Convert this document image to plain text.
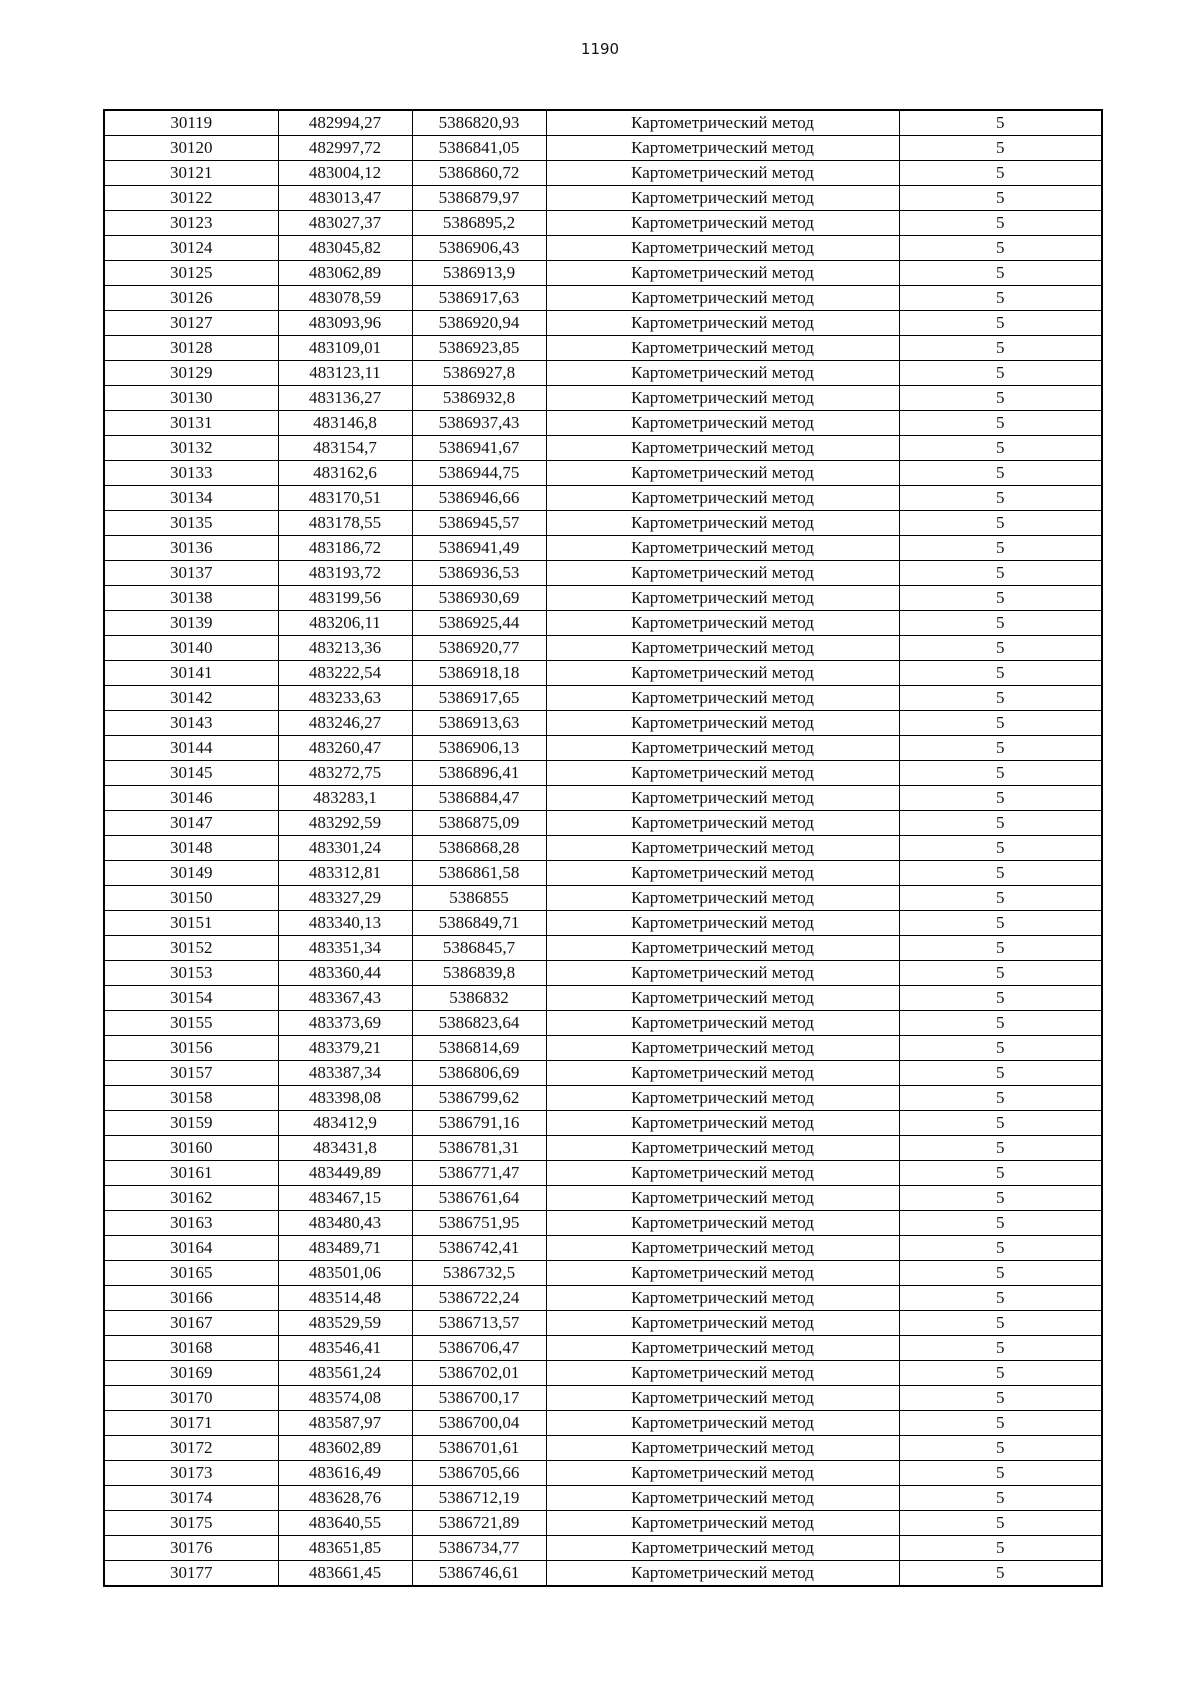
1190
30119	482994,27	5386820,93	Картометрический метод	5
30120	482997,72	5386841,05	Картометрический метод	5
30121	483004,12	5386860,72	Картометрический метод	5
30122	483013,47	5386879,97	Картометрический метод	5
30123	483027,37	5386895,2	Картометрический метод	5
30124	483045,82	5386906,43	Картометрический метод	5
30125	483062,89	5386913,9	Картометрический метод	5
30126	483078,59	5386917,63	Картометрический метод	5
30127	483093,96	5386920,94	Картометрический метод	5
30128	483109,01	5386923,85	Картометрический метод	5
30129	483123,11	5386927,8	Картометрический метод	5
30130	483136,27	5386932,8	Картометрический метод	5
30131	483146,8	5386937,43	Картометрический метод	5
30132	483154,7	5386941,67	Картометрический метод	5
30133	483162,6	5386944,75	Картометрический метод	5
30134	483170,51	5386946,66	Картометрический метод	5
30135	483178,55	5386945,57	Картометрический метод	5
30136	483186,72	5386941,49	Картометрический метод	5
30137	483193,72	5386936,53	Картометрический метод	5
30138	483199,56	5386930,69	Картометрический метод	5
30139	483206,11	5386925,44	Картометрический метод	5
30140	483213,36	5386920,77	Картометрический метод	5
30141	483222,54	5386918,18	Картометрический метод	5
30142	483233,63	5386917,65	Картометрический метод	5
30143	483246,27	5386913,63	Картометрический метод	5
30144	483260,47	5386906,13	Картометрический метод	5
30145	483272,75	5386896,41	Картометрический метод	5
30146	483283,1	5386884,47	Картометрический метод	5
30147	483292,59	5386875,09	Картометрический метод	5
30148	483301,24	5386868,28	Картометрический метод	5
30149	483312,81	5386861,58	Картометрический метод	5
30150	483327,29	5386855	Картометрический метод	5
30151	483340,13	5386849,71	Картометрический метод	5
30152	483351,34	5386845,7	Картометрический метод	5
30153	483360,44	5386839,8	Картометрический метод	5
30154	483367,43	5386832	Картометрический метод	5
30155	483373,69	5386823,64	Картометрический метод	5
30156	483379,21	5386814,69	Картометрический метод	5
30157	483387,34	5386806,69	Картометрический метод	5
30158	483398,08	5386799,62	Картометрический метод	5
30159	483412,9	5386791,16	Картометрический метод	5
30160	483431,8	5386781,31	Картометрический метод	5
30161	483449,89	5386771,47	Картометрический метод	5
30162	483467,15	5386761,64	Картометрический метод	5
30163	483480,43	5386751,95	Картометрический метод	5
30164	483489,71	5386742,41	Картометрический метод	5
30165	483501,06	5386732,5	Картометрический метод	5
30166	483514,48	5386722,24	Картометрический метод	5
30167	483529,59	5386713,57	Картометрический метод	5
30168	483546,41	5386706,47	Картометрический метод	5
30169	483561,24	5386702,01	Картометрический метод	5
30170	483574,08	5386700,17	Картометрический метод	5
30171	483587,97	5386700,04	Картометрический метод	5
30172	483602,89	5386701,61	Картометрический метод	5
30173	483616,49	5386705,66	Картометрический метод	5
30174	483628,76	5386712,19	Картометрический метод	5
30175	483640,55	5386721,89	Картометрический метод	5
30176	483651,85	5386734,77	Картометрический метод	5
30177	483661,45	5386746,61	Картометрический метод	5
